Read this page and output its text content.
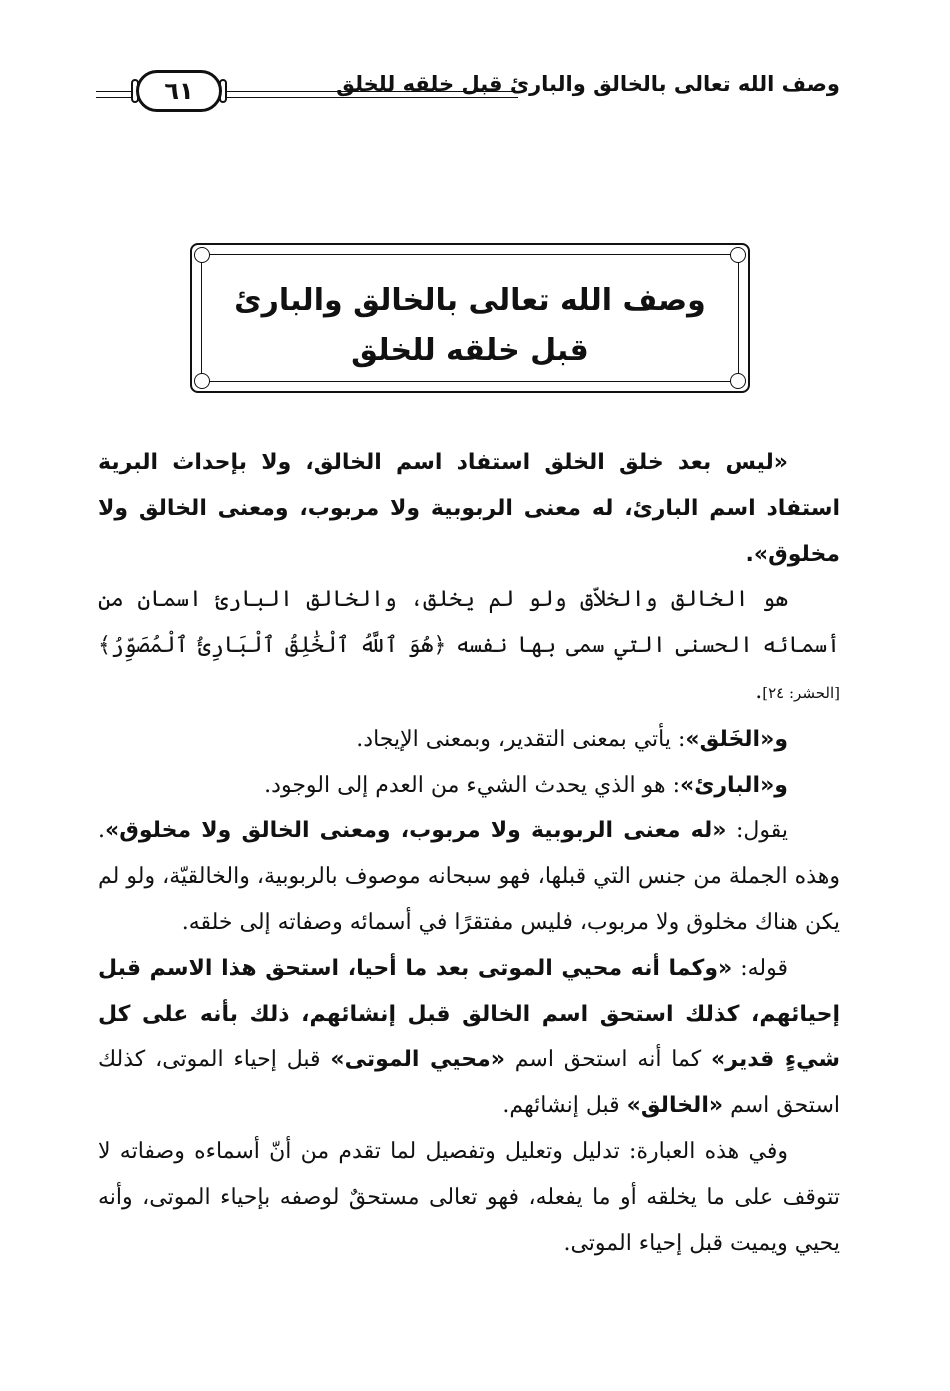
وصف الله تعالى بالخالق والبارئ قبل خلقه للخلق
٦١
وصف الله تعالى بالخالق والبارئ
قبل خلقه للخلق

«ليس بعد خلق الخلق استفاد اسم الخالق، ولا بإحداث البرية استفاد اسم البارئ، له معنى الربوبية ولا مربوب، ومعنى الخالق ولا مخلوق».

هو الخالق والخلاّق ولو لم يخلق، والخالق البارئ اسمان من أسمائه الحسنى التي سمى بها نفسه ﴿هُوَ ٱللَّهُ ٱلْخَٰلِقُ ٱلْبَارِئُ ٱلْمُصَوِّرُ﴾ [الحشر: ٢٤].

و«الخَلق»: يأتي بمعنى التقدير، وبمعنى الإيجاد.

و«البارئ»: هو الذي يحدث الشيء من العدم إلى الوجود.

يقول: «له معنى الربوبية ولا مربوب، ومعنى الخالق ولا مخلوق». وهذه الجملة من جنس التي قبلها، فهو سبحانه موصوف بالربوبية، والخالقيّة، ولو لم يكن هناك مخلوق ولا مربوب، فليس مفتقرًا في أسمائه وصفاته إلى خلقه.

قوله: «وكما أنه محيي الموتى بعد ما أحيا، استحق هذا الاسم قبل إحيائهم، كذلك استحق اسم الخالق قبل إنشائهم، ذلك بأنه على كل شيءٍ قدير» كما أنه استحق اسم «محيي الموتى» قبل إحياء الموتى، كذلك استحق اسم «الخالق» قبل إنشائهم.

وفي هذه العبارة: تدليل وتعليل وتفصيل لما تقدم من أنّ أسماءه وصفاته لا تتوقف على ما يخلقه أو ما يفعله، فهو تعالى مستحقٌ لوصفه بإحياء الموتى، وأنه يحيي ويميت قبل إحياء الموتى.
